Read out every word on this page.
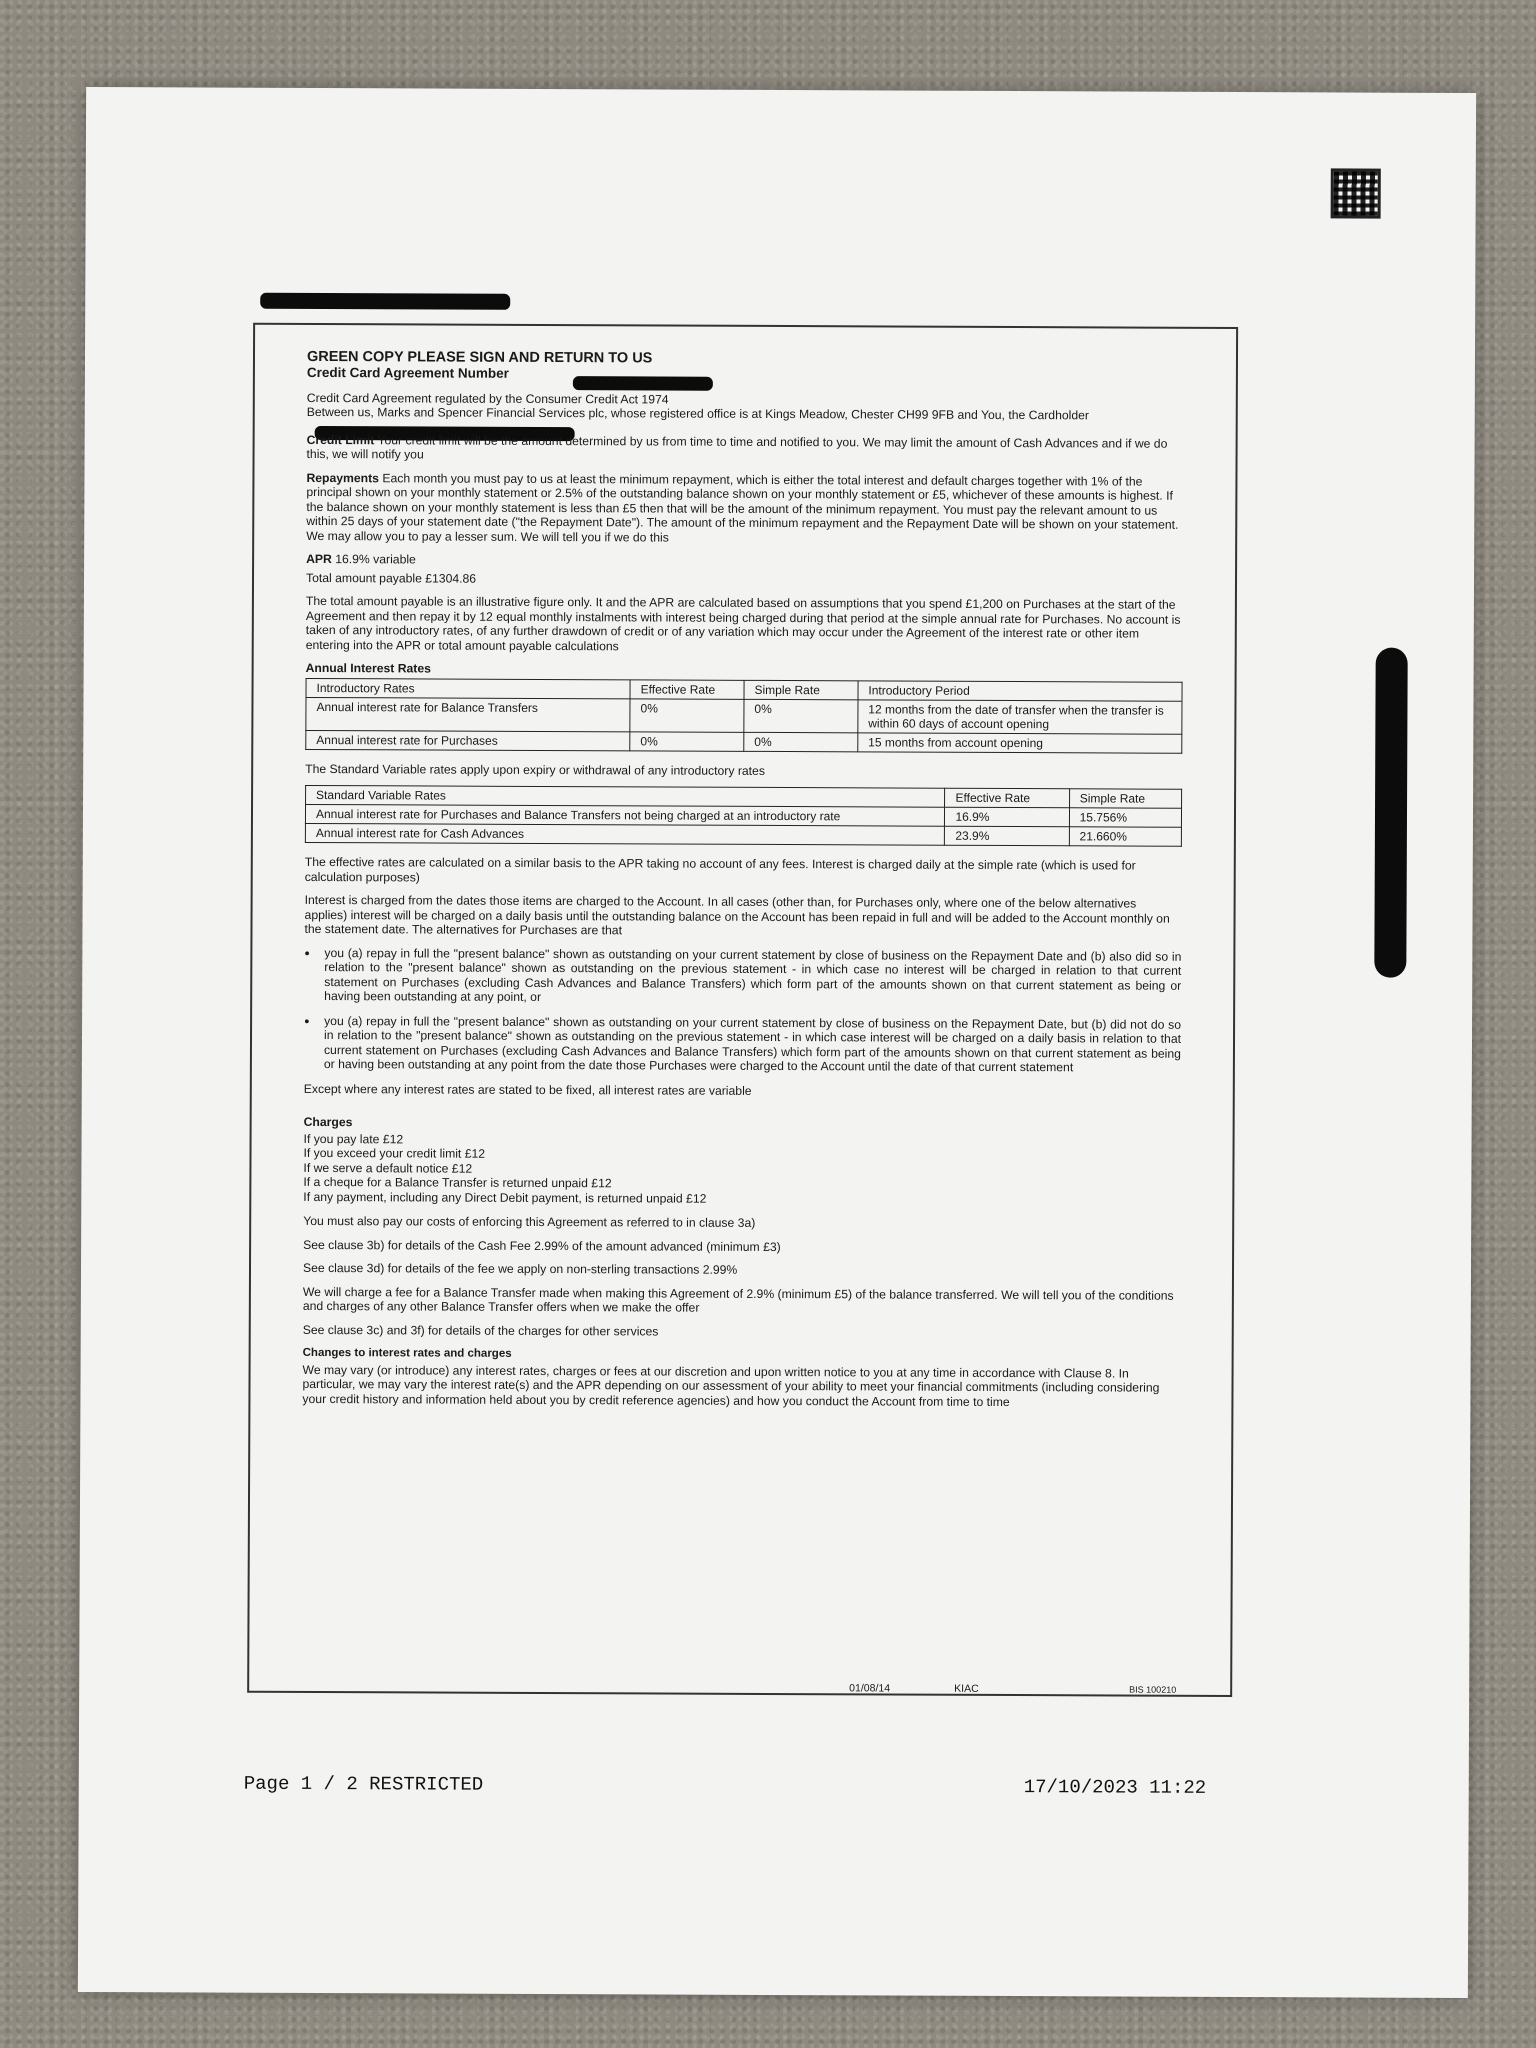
GREEN COPY PLEASE SIGN AND RETURN TO US
Credit Card Agreement Number

Credit Card Agreement regulated by the Consumer Credit Act 1974
Between us, Marks and Spencer Financial Services plc, whose registered office is at Kings Meadow, Chester CH99 9FB and You, the Cardholder

Credit Limit Your credit limit will be the amount determined by us from time to time and notified to you. We may limit the amount of Cash Advances and if we do this, we will notify you

Repayments Each month you must pay to us at least the minimum repayment, which is either the total interest and default charges together with 1% of the principal shown on your monthly statement or 2.5% of the outstanding balance shown on your monthly statement or £5, whichever of these amounts is highest. If the balance shown on your monthly statement is less than £5 then that will be the amount of the minimum repayment. You must pay the relevant amount to us within 25 days of your statement date ("the Repayment Date"). The amount of the minimum repayment and the Repayment Date will be shown on your statement. We may allow you to pay a lesser sum. We will tell you if we do this

APR 16.9% variable

Total amount payable £1304.86

The total amount payable is an illustrative figure only. It and the APR are calculated based on assumptions that you spend £1,200 on Purchases at the start of the Agreement and then repay it by 12 equal monthly instalments with interest being charged during that period at the simple annual rate for Purchases. No account is taken of any introductory rates, of any further drawdown of credit or of any variation which may occur under the Agreement of the interest rate or other item entering into the APR or total amount payable calculations

Annual Interest Rates
Introductory Rates	Effective Rate	Simple Rate	Introductory Period
Annual interest rate for Balance Transfers	0%	0%	12 months from the date of transfer when the transfer is within 60 days of account opening
Annual interest rate for Purchases	0%	0%	15 months from account opening

The Standard Variable rates apply upon expiry or withdrawal of any introductory rates

Standard Variable Rates	Effective Rate	Simple Rate
Annual interest rate for Purchases and Balance Transfers not being charged at an introductory rate	16.9%	15.756%
Annual interest rate for Cash Advances	23.9%	21.660%

The effective rates are calculated on a similar basis to the APR taking no account of any fees. Interest is charged daily at the simple rate (which is used for calculation purposes)

Interest is charged from the dates those items are charged to the Account. In all cases (other than, for Purchases only, where one of the below alternatives applies) interest will be charged on a daily basis until the outstanding balance on the Account has been repaid in full and will be added to the Account monthly on the statement date. The alternatives for Purchases are that

● you (a) repay in full the "present balance" shown as outstanding on your current statement by close of business on the Repayment Date and (b) also did so in relation to the "present balance" shown as outstanding on the previous statement - in which case no interest will be charged in relation to that current statement on Purchases (excluding Cash Advances and Balance Transfers) which form part of the amounts shown on that current statement as being or having been outstanding at any point, or
● you (a) repay in full the "present balance" shown as outstanding on your current statement by close of business on the Repayment Date, but (b) did not do so in relation to the "present balance" shown as outstanding on the previous statement - in which case interest will be charged on a daily basis in relation to that current statement on Purchases (excluding Cash Advances and Balance Transfers) which form part of the amounts shown on that current statement as being or having been outstanding at any point from the date those Purchases were charged to the Account until the date of that current statement

Except where any interest rates are stated to be fixed, all interest rates are variable

Charges
If you pay late £12
If you exceed your credit limit £12
If we serve a default notice £12
If a cheque for a Balance Transfer is returned unpaid £12
If any payment, including any Direct Debit payment, is returned unpaid £12

You must also pay our costs of enforcing this Agreement as referred to in clause 3a)

See clause 3b) for details of the Cash Fee 2.99% of the amount advanced (minimum £3)

See clause 3d) for details of the fee we apply on non-sterling transactions 2.99%

We will charge a fee for a Balance Transfer made when making this Agreement of 2.9% (minimum £5) of the balance transferred. We will tell you of the conditions and charges of any other Balance Transfer offers when we make the offer

See clause 3c) and 3f) for details of the charges for other services

Changes to interest rates and charges

We may vary (or introduce) any interest rates, charges or fees at our discretion and upon written notice to you at any time in accordance with Clause 8. In particular, we may vary the interest rate(s) and the APR depending on our assessment of your ability to meet your financial commitments (including considering your credit history and information held about you by credit reference agencies) and how you conduct the Account from time to time

01/08/14	KIAC	BIS 100210
Page 1 / 2 RESTRICTED	17/10/2023 11:22
